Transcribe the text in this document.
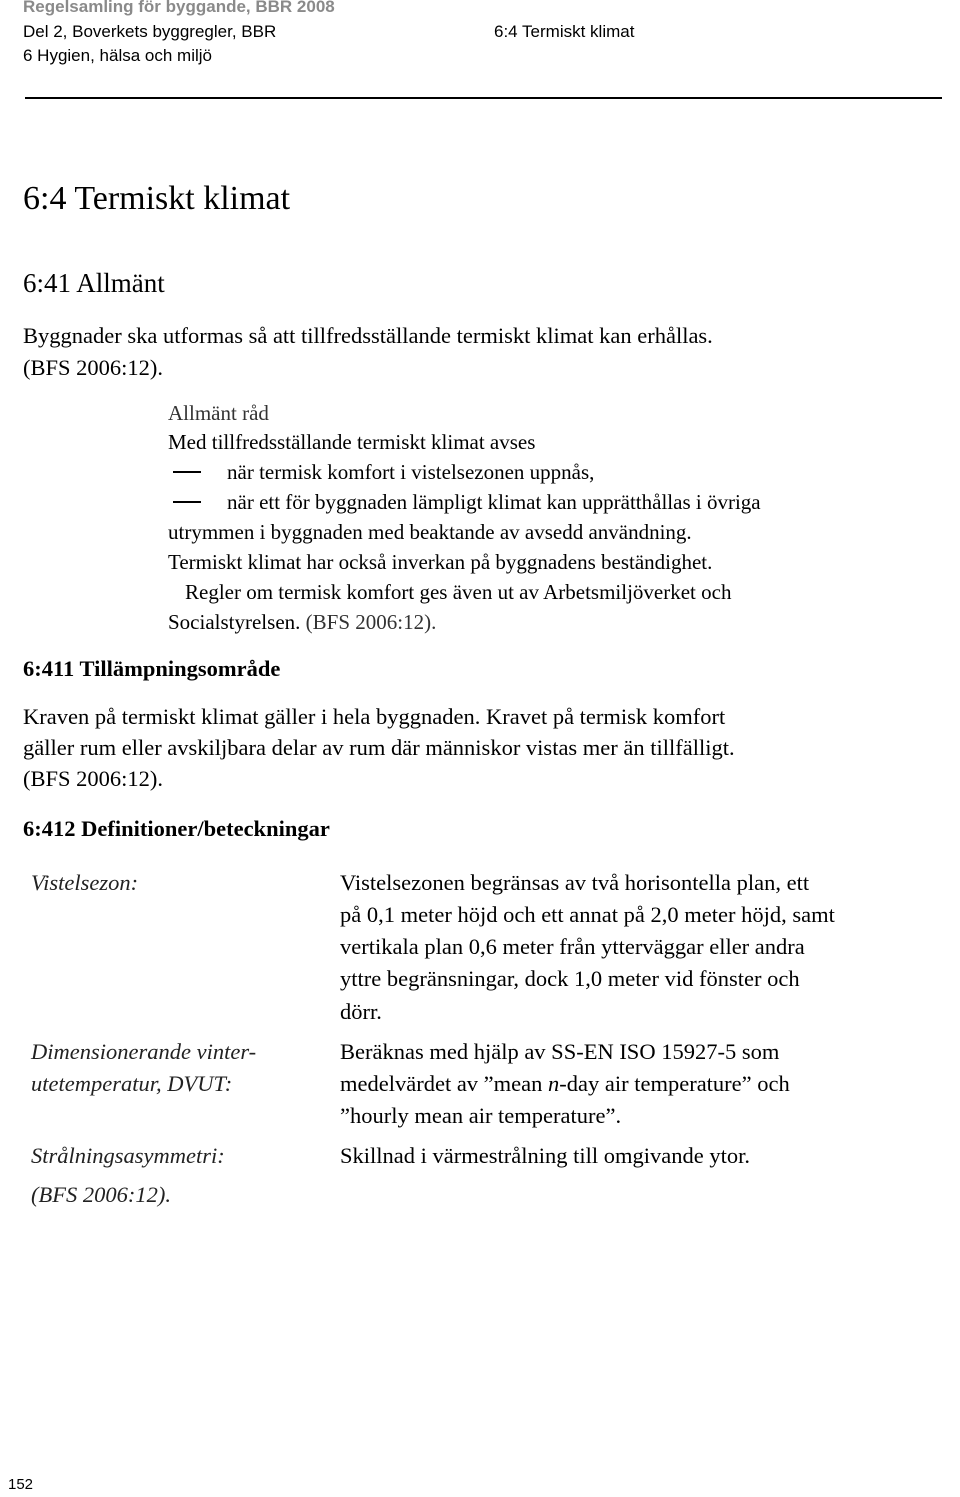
Regelsamling för byggande, BBR 2008
Del 2, Boverkets byggregler, BBR	6:4 Termiskt klimat
6 Hygien, hälsa och miljö
6:4 Termiskt klimat
6:41 Allmänt
Byggnader ska utformas så att tillfredsställande termiskt klimat kan erhållas.
(BFS 2006:12).
Allmänt råd
Med tillfredsställande termiskt klimat avses
när termisk komfort i vistelsezonen uppnås,
när ett för byggnaden lämpligt klimat kan upprätthållas i övriga
utrymmen i byggnaden med beaktande av avsedd användning.
Termiskt klimat har också inverkan på byggnadens beständighet.
Regler om termisk komfort ges även ut av Arbetsmiljöverket och
Socialstyrelsen. (BFS 2006:12).
6:411 Tillämpningsområde
Kraven på termiskt klimat gäller i hela byggnaden. Kravet på termisk komfort
gäller rum eller avskiljbara delar av rum där människor vistas mer än tillfälligt.
(BFS 2006:12).
6:412 Definitioner/beteckningar
Vistelsezon:	Vistelsezonen begränsas av två horisontella plan, ett
på 0,1 meter höjd och ett annat på 2,0 meter höjd, samt
vertikala plan 0,6 meter från ytterväggar eller andra
yttre begränsningar, dock 1,0 meter vid fönster och
dörr.
Dimensionerande vinter-
utetemperatur, DVUT:
Beräknas med hjälp av SS-EN ISO 15927-5 som
medelvärdet av ”mean n-day air temperature” och
”hourly mean air temperature”.
Strålningsasymmetri:	Skillnad i värmestrålning till omgivande ytor.
(BFS 2006:12).
152
